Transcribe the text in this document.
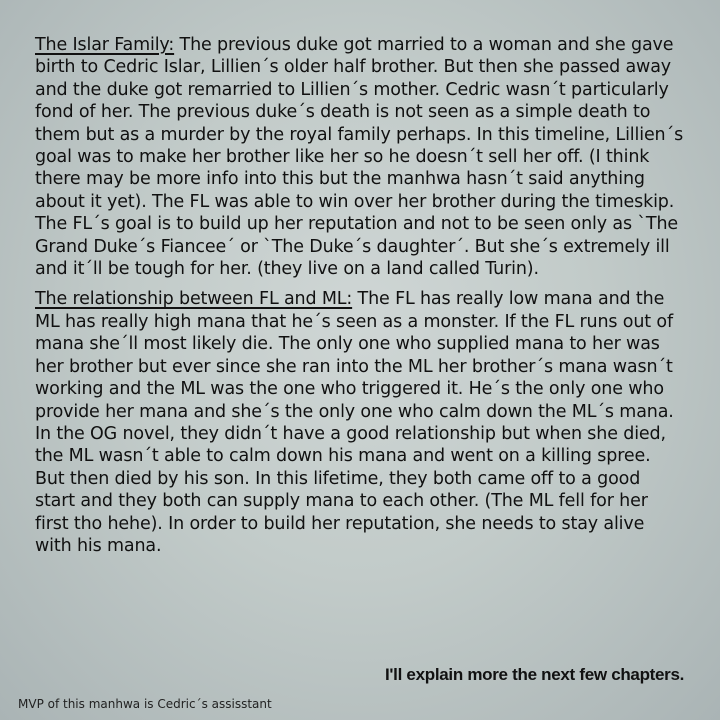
The Islar Family: The previous duke got married to a woman and she gave birth to Cedric Islar, Lillien´s older half brother. But then she passed away and the duke got remarried to Lillien´s mother. Cedric wasn´t particularly fond of her. The previous duke´s death is not seen as a simple death to them but as a murder by the royal family perhaps. In this timeline, Lillien´s goal was to make her brother like her so he doesn´t sell her off. (I think there may be more info into this but the manhwa hasn´t said anything about it yet). The FL was able to win over her brother during the timeskip. The FL´s goal is to build up her reputation and not to be seen only as `The Grand Duke´s Fiancee´ or `The Duke´s daughter´. But she´s extremely ill and it´ll be tough for her. (they live on a land called Turin).

The relationship between FL and ML: The FL has really low mana and the ML has really high mana that he´s seen as a monster. If the FL runs out of mana she´ll most likely die. The only one who supplied mana to her was her brother but ever since she ran into the ML her brother´s mana wasn´t working and the ML was the one who triggered it. He´s the only one who provide her mana and she´s the only one who calm down the ML´s mana. In the OG novel, they didn´t have a good relationship but when she died, the ML wasn´t able to calm down his mana and went on a killing spree. But then died by his son. In this lifetime, they both came off to a good start and they both can supply mana to each other. (The ML fell for her first tho hehe). In order to build her reputation, she needs to stay alive with his mana.

I'll explain more the next few chapters.
MVP of this manhwa is Cedric´s assisstant
